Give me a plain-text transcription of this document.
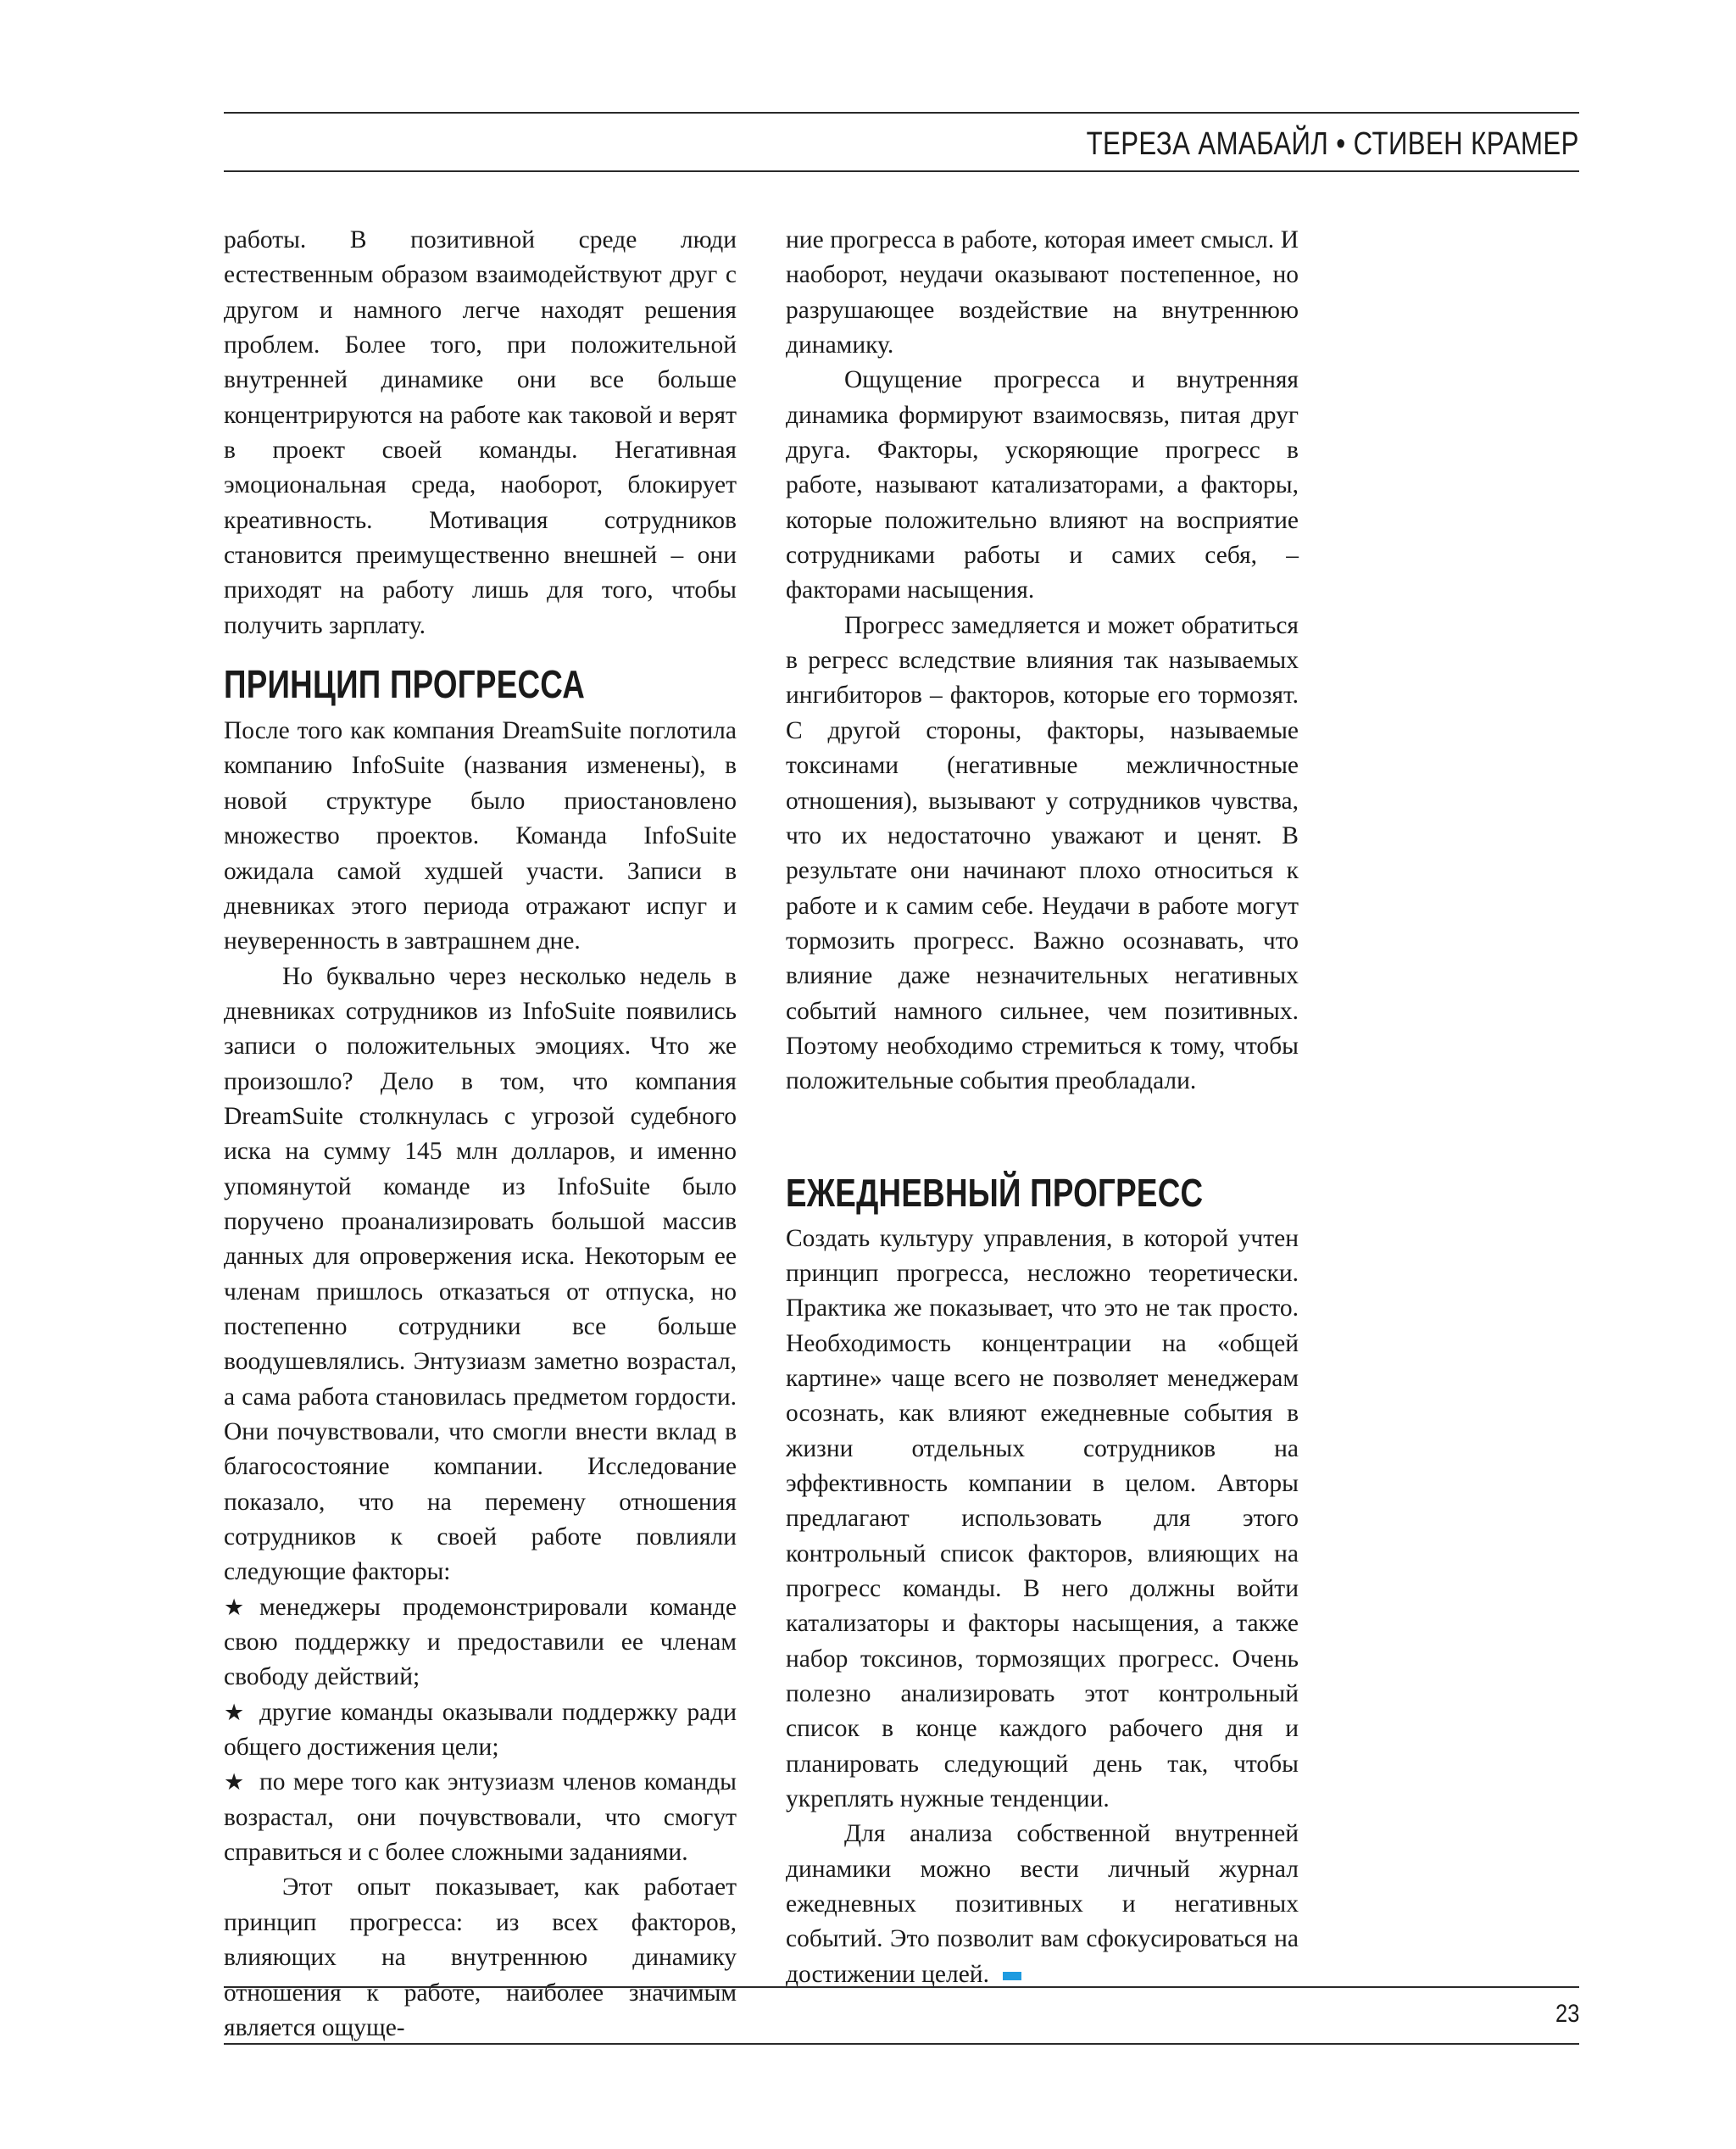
ТЕРЕЗА АМАБАЙЛ • СТИВЕН КРАМЕР

работы. В позитивной среде люди естественным образом взаимодействуют друг с другом и намного легче находят решения проблем. Более того, при положительной внутренней динамике они все больше концентрируются на работе как таковой и верят в проект своей команды. Негативная эмоциональная среда, наоборот, блокирует креативность. Мотивация сотрудников становится преимущественно внешней – они приходят на работу лишь для того, чтобы получить зарплату.

ПРИНЦИП ПРОГРЕССА

После того как компания DreamSuite поглотила компанию InfoSuite (названия изменены), в новой структуре было приостановлено множество проектов. Команда InfoSuite ожидала самой худшей участи. Записи в дневниках этого периода отражают испуг и неуверенность в завтрашнем дне.

Но буквально через несколько недель в дневниках сотрудников из InfoSuite появились записи о положительных эмоциях. Что же произошло? Дело в том, что компания DreamSuite столкнулась с угрозой судебного иска на сумму 145 млн долларов, и именно упомянутой команде из InfoSuite было поручено проанализировать большой массив данных для опровержения иска. Некоторым ее членам пришлось отказаться от отпуска, но постепенно сотрудники все больше воодушевлялись. Энтузиазм заметно возрастал, а сама работа становилась предметом гордости. Они почувствовали, что смогли внести вклад в благосостояние компании. Исследование показало, что на перемену отношения сотрудников к своей работе повлияли следующие факторы:

★ менеджеры продемонстрировали команде свою поддержку и предоставили ее членам свободу действий;
★ другие команды оказывали поддержку ради общего достижения цели;
★ по мере того как энтузиазм членов команды возрастал, они почувствовали, что смогут справиться и с более сложными заданиями.

Этот опыт показывает, как работает принцип прогресса: из всех факторов, влияющих на внутреннюю динамику отношения к работе, наиболее значимым является ощуще-

ние прогресса в работе, которая имеет смысл. И наоборот, неудачи оказывают постепенное, но разрушающее воздействие на внутреннюю динамику.

Ощущение прогресса и внутренняя динамика формируют взаимосвязь, питая друг друга. Факторы, ускоряющие прогресс в работе, называют катализаторами, а факторы, которые положительно влияют на восприятие сотрудниками работы и самих себя, – факторами насыщения.

Прогресс замедляется и может обратиться в регресс вследствие влияния так называемых ингибиторов – факторов, которые его тормозят. С другой стороны, факторы, называемые токсинами (негативные межличностные отношения), вызывают у сотрудников чувства, что их недостаточно уважают и ценят. В результате они начинают плохо относиться к работе и к самим себе. Неудачи в работе могут тормозить прогресс. Важно осознавать, что влияние даже незначительных негативных событий намного сильнее, чем позитивных. Поэтому необходимо стремиться к тому, чтобы положительные события преобладали.

ЕЖЕДНЕВНЫЙ ПРОГРЕСС

Создать культуру управления, в которой учтен принцип прогресса, несложно теоретически. Практика же показывает, что это не так просто. Необходимость концентрации на «общей картине» чаще всего не позволяет менеджерам осознать, как влияют ежедневные события в жизни отдельных сотрудников на эффективность компании в целом. Авторы предлагают использовать для этого контрольный список факторов, влияющих на прогресс команды. В него должны войти катализаторы и факторы насыщения, а также набор токсинов, тормозящих прогресс. Очень полезно анализировать этот контрольный список в конце каждого рабочего дня и планировать следующий день так, чтобы укреплять нужные тенденции.

Для анализа собственной внутренней динамики можно вести личный журнал ежедневных позитивных и негативных событий. Это позволит вам сфокусироваться на достижении целей.

23
